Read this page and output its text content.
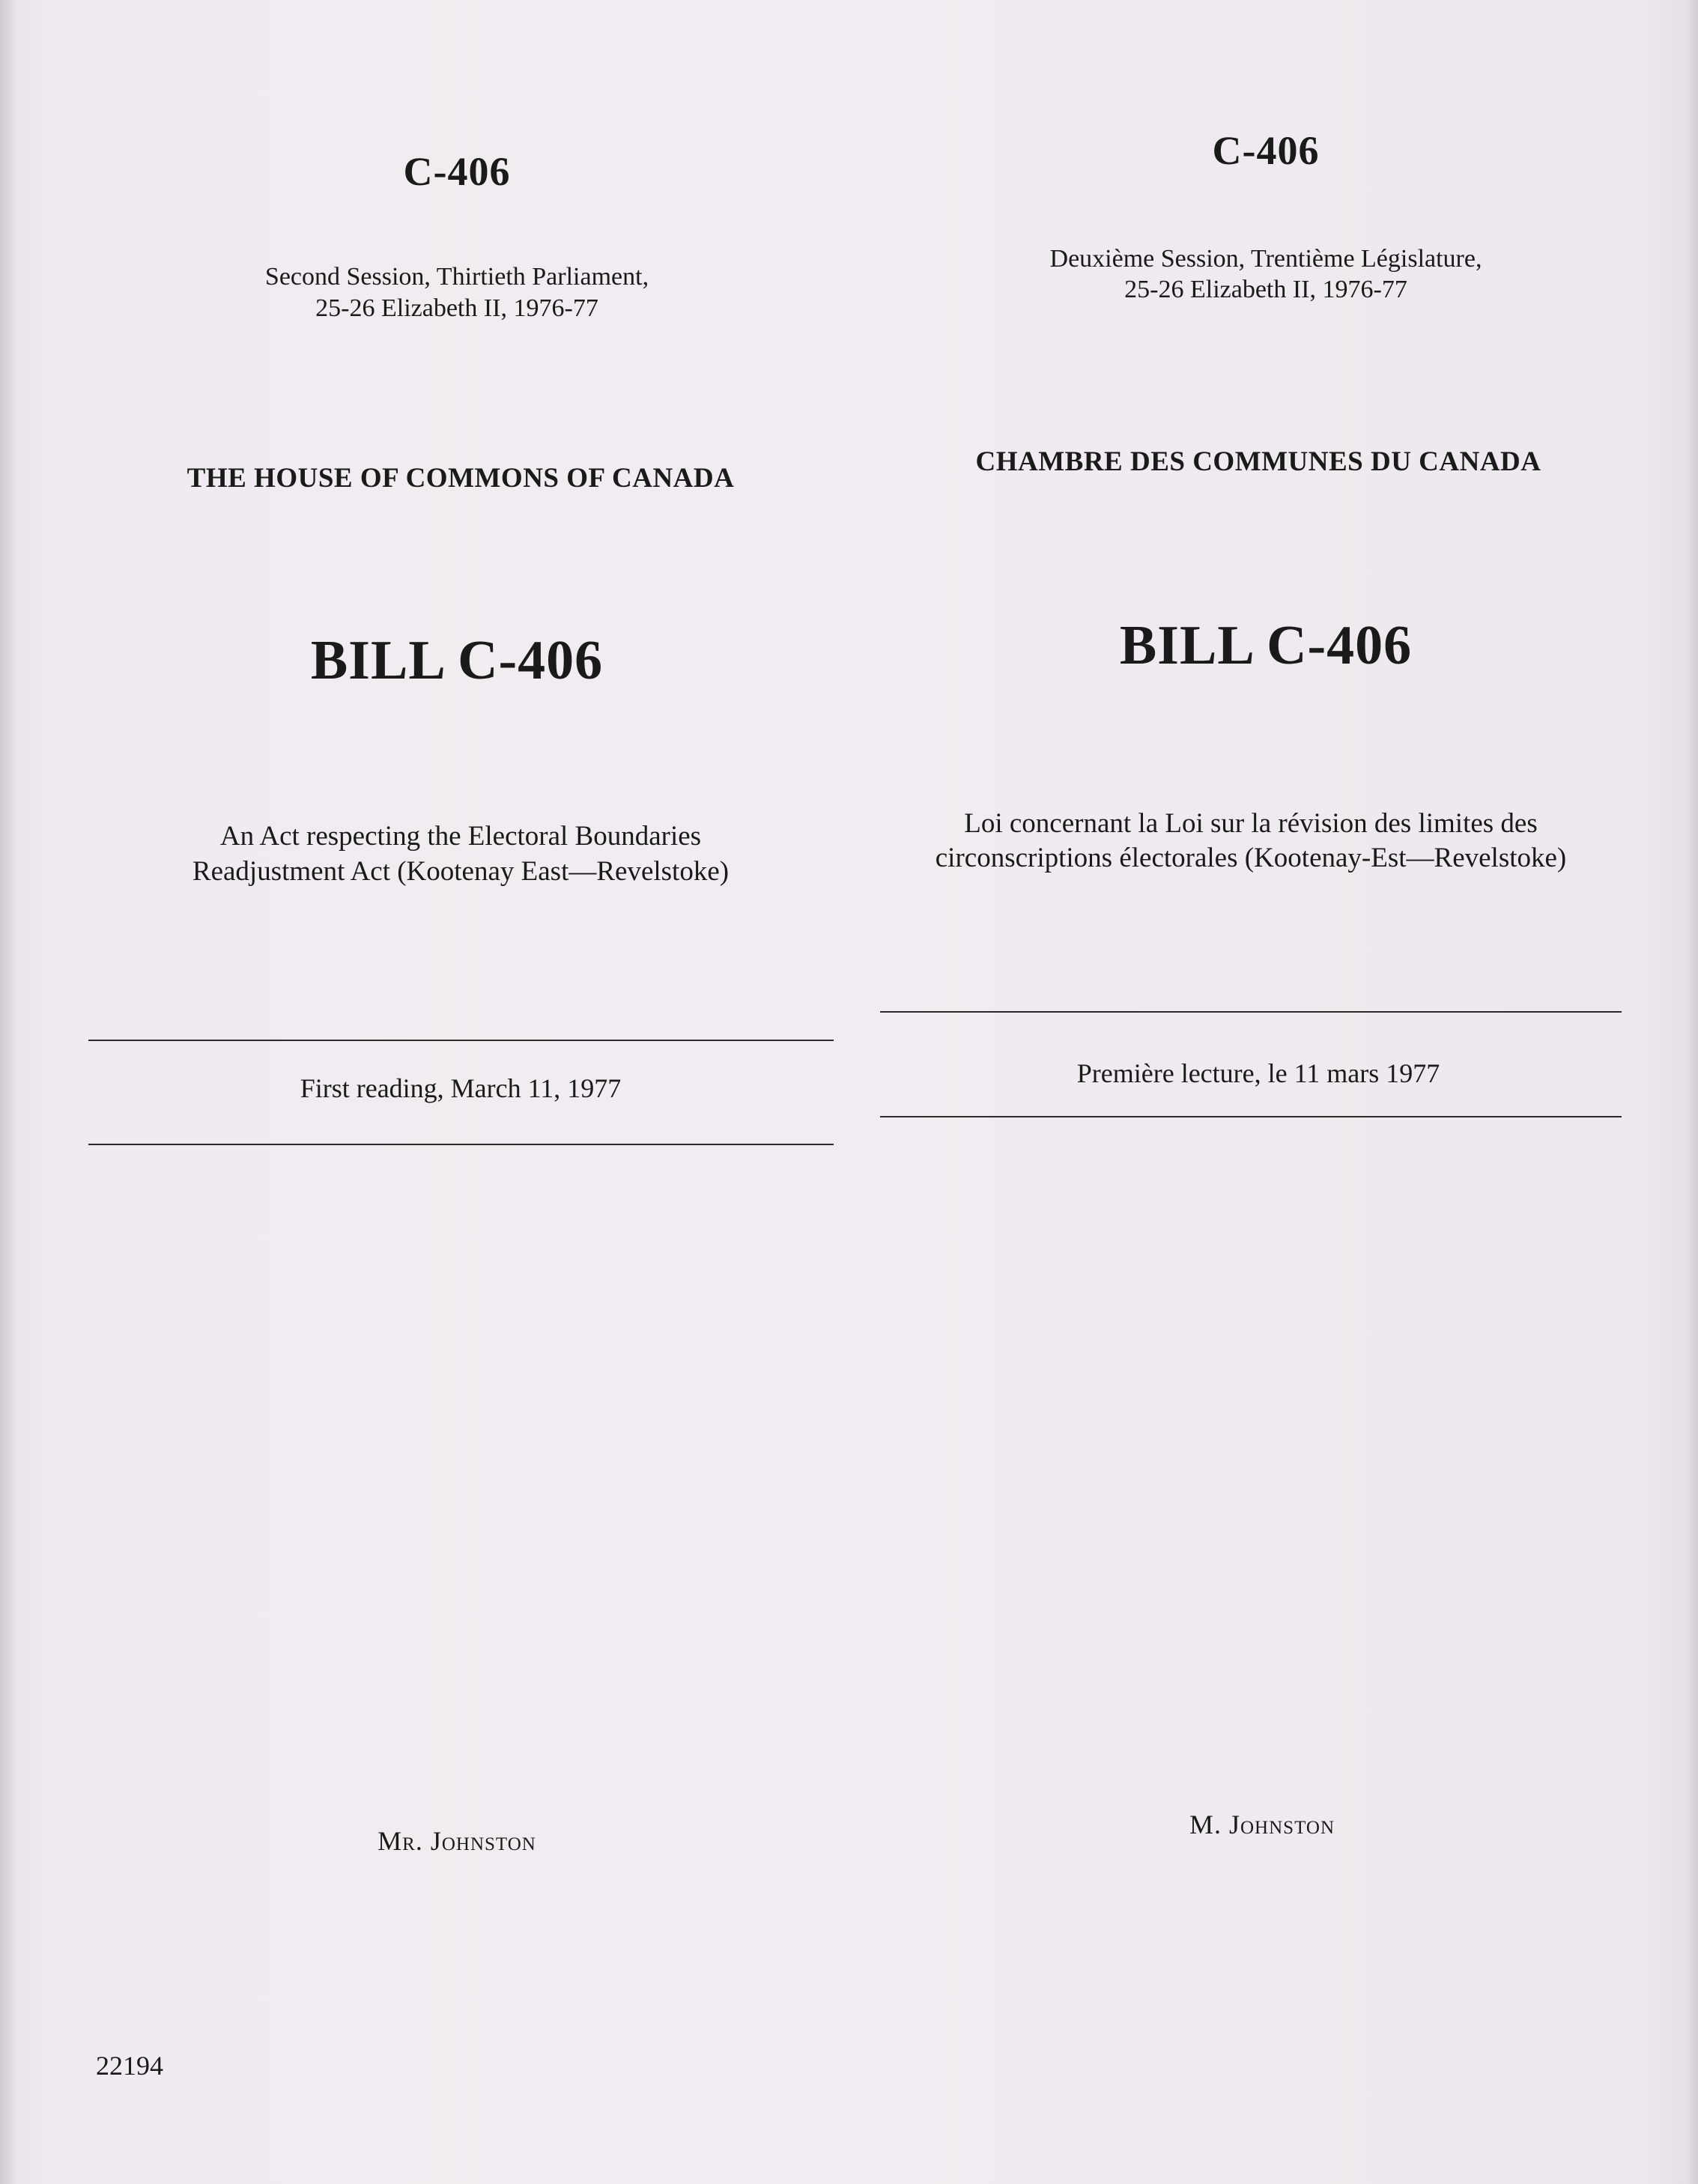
C-406

Second Session, Thirtieth Parliament,

25-26 Elizabeth II, 1976-77

THE HOUSE OF COMMONS OF CANADA

BILL C-406

An Act respecting the Electoral Boundaries

Readjustment Act (Kootenay East—Revelstoke)

First reading, March 11, 1977

Mr. Johnston

C-406

Deuxième Session, Trentième Législature,

25-26 Elizabeth II, 1976-77

CHAMBRE DES COMMUNES DU CANADA

BILL C-406

Loi concernant la Loi sur la révision des limites des

circonscriptions électorales (Kootenay-Est—Revelstoke)

Première lecture, le 11 mars 1977

M. Johnston

22194
